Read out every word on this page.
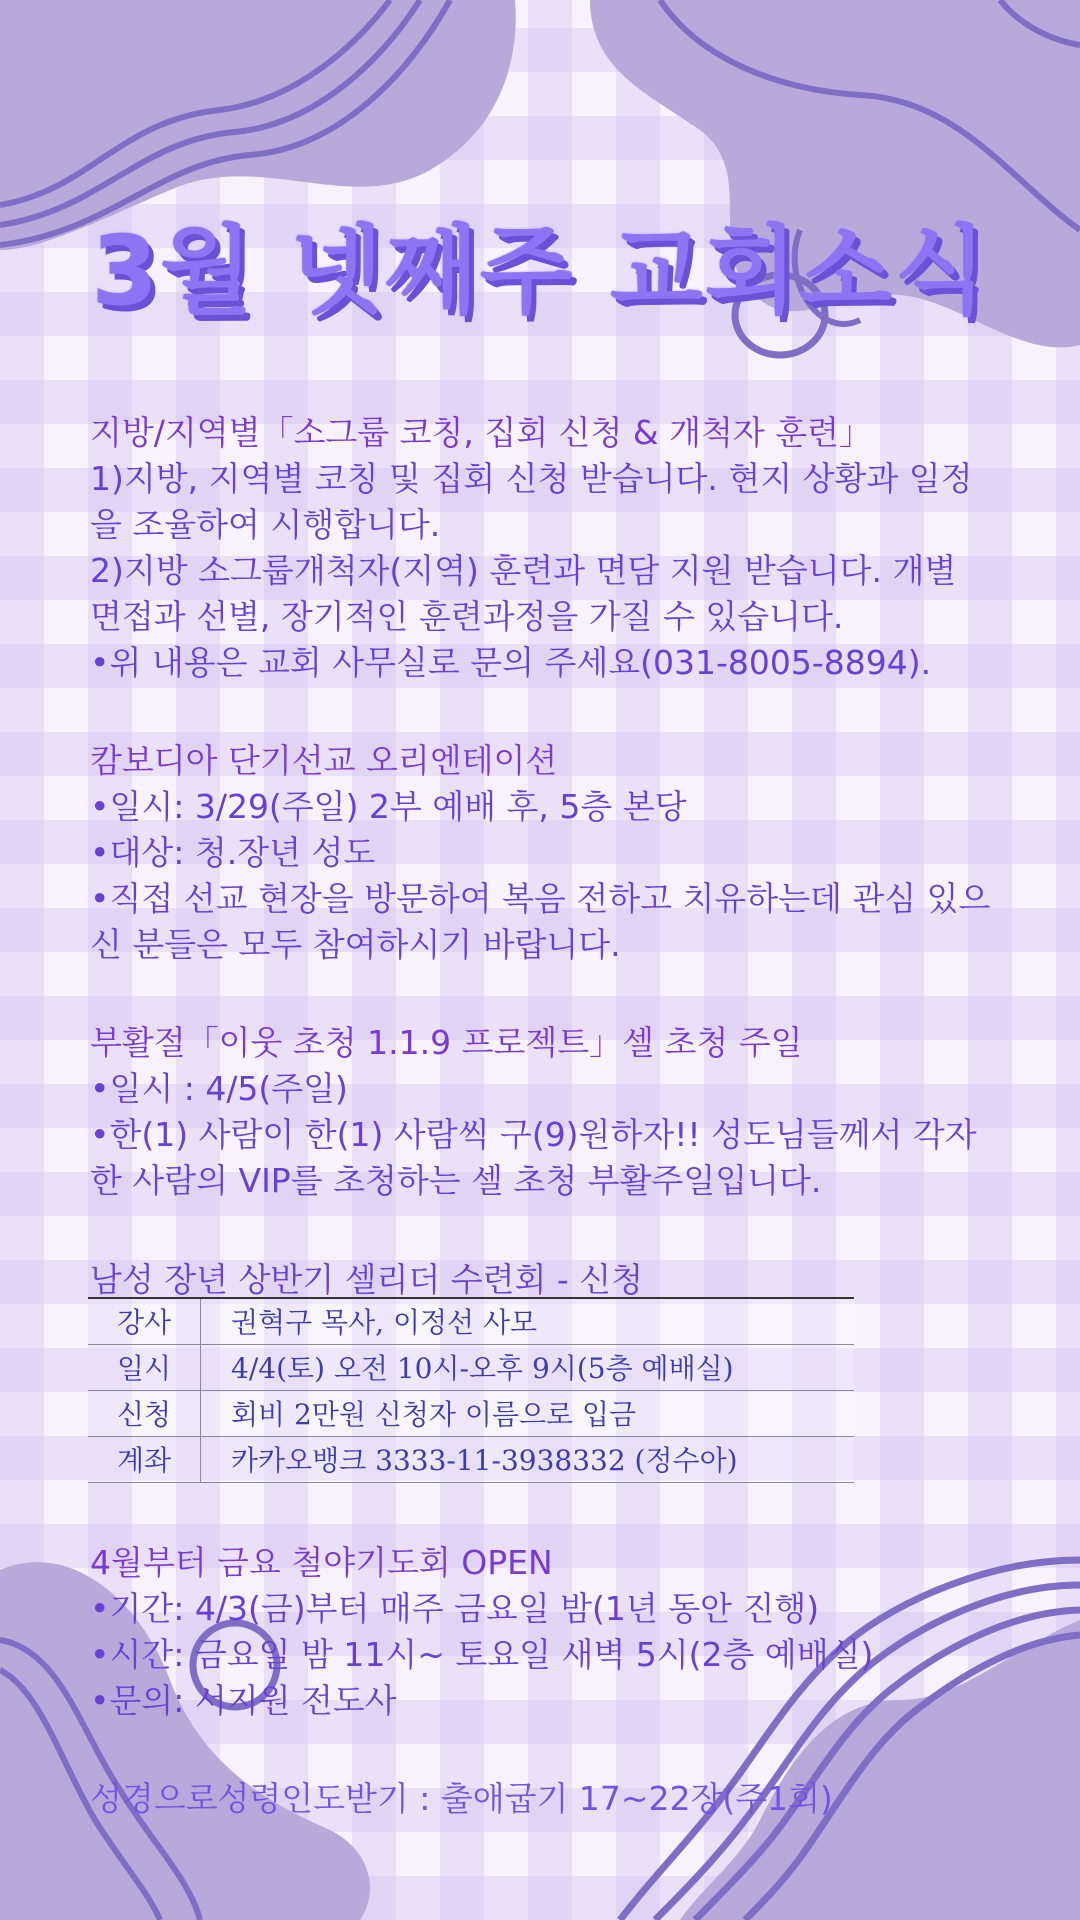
3월 넷째주 교회소식
지방/지역별「소그룹 코칭, 집회 신청 & 개척자 훈련」
1)지방, 지역별 코칭 및 집회 신청 받습니다. 현지 상황과 일정
을 조율하여 시행합니다.
2)지방 소그룹개척자(지역) 훈련과 면담 지원 받습니다. 개별
면접과 선별, 장기적인 훈련과정을 가질 수 있습니다.
•위 내용은 교회 사무실로 문의 주세요(031-8005-8894).
캄보디아 단기선교 오리엔테이션
•일시: 3/29(주일) 2부 예배 후, 5층 본당
•대상: 청.장년 성도
•직접 선교 현장을 방문하여 복음 전하고 치유하는데 관심 있으
신 분들은 모두 참여하시기 바랍니다.
부활절「이웃 초청 1.1.9 프로젝트」셀 초청 주일
•일시 : 4/5(주일)
•한(1) 사람이 한(1) 사람씩 구(9)원하자!! 성도님들께서 각자
한 사람의 VIP를 초청하는 셀 초청 부활주일입니다.
남성 장년 상반기 셀리더 수련회 - 신청
강사	권혁구 목사, 이정선 사모
일시	4/4(토) 오전 10시-오후 9시(5층 예배실)
신청	회비 2만원 신청자 이름으로 입금
계좌	카카오뱅크 3333-11-3938332 (정수아)
4월부터 금요 철야기도회 OPEN
•기간: 4/3(금)부터 매주 금요일 밤(1년 동안 진행)
•시간: 금요일 밤 11시~ 토요일 새벽 5시(2층 예배실)
•문의: 서지원 전도사
성경으로성령인도받기 : 출애굽기 17~22장(주1회)
